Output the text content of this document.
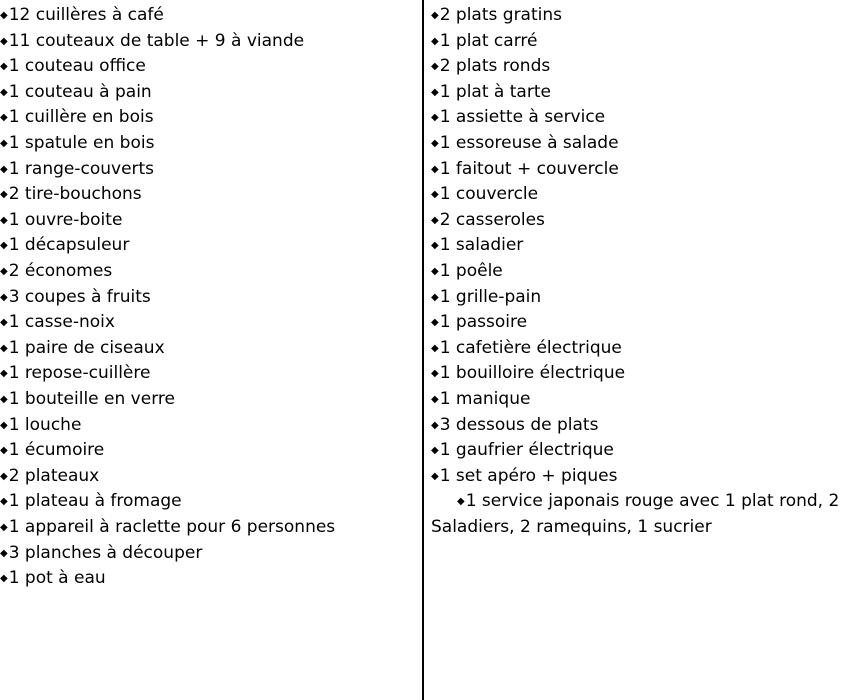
◆12 cuillères à café
◆11 couteaux de table + 9 à viande
◆1 couteau office
◆1 couteau à pain
◆1 cuillère en bois
◆1 spatule en bois
◆1 range-couverts
◆2 tire-bouchons
◆1 ouvre-boite
◆1 décapsuleur
◆2 économes
◆3 coupes à fruits
◆1 casse-noix
◆1 paire de ciseaux
◆1 repose-cuillère
◆1 bouteille en verre
◆1 louche
◆1 écumoire
◆2 plateaux
◆1 plateau à fromage
◆1 appareil à raclette pour 6 personnes
◆3 planches à découper
◆1 pot à eau
◆2 plats gratins
◆1 plat carré
◆2 plats ronds
◆1 plat à tarte
◆1 assiette à service
◆1 essoreuse à salade
◆1 faitout + couvercle
◆1 couvercle
◆2 casseroles
◆1 saladier
◆1 poêle
◆1 grille-pain
◆1 passoire
◆1 cafetière électrique
◆1 bouilloire électrique
◆1 manique
◆3 dessous de plats
◆1 gaufrier électrique
◆1 set apéro + piques
◆1 service japonais rouge avec 1 plat rond, 2
Saladiers, 2 ramequins, 1 sucrier
